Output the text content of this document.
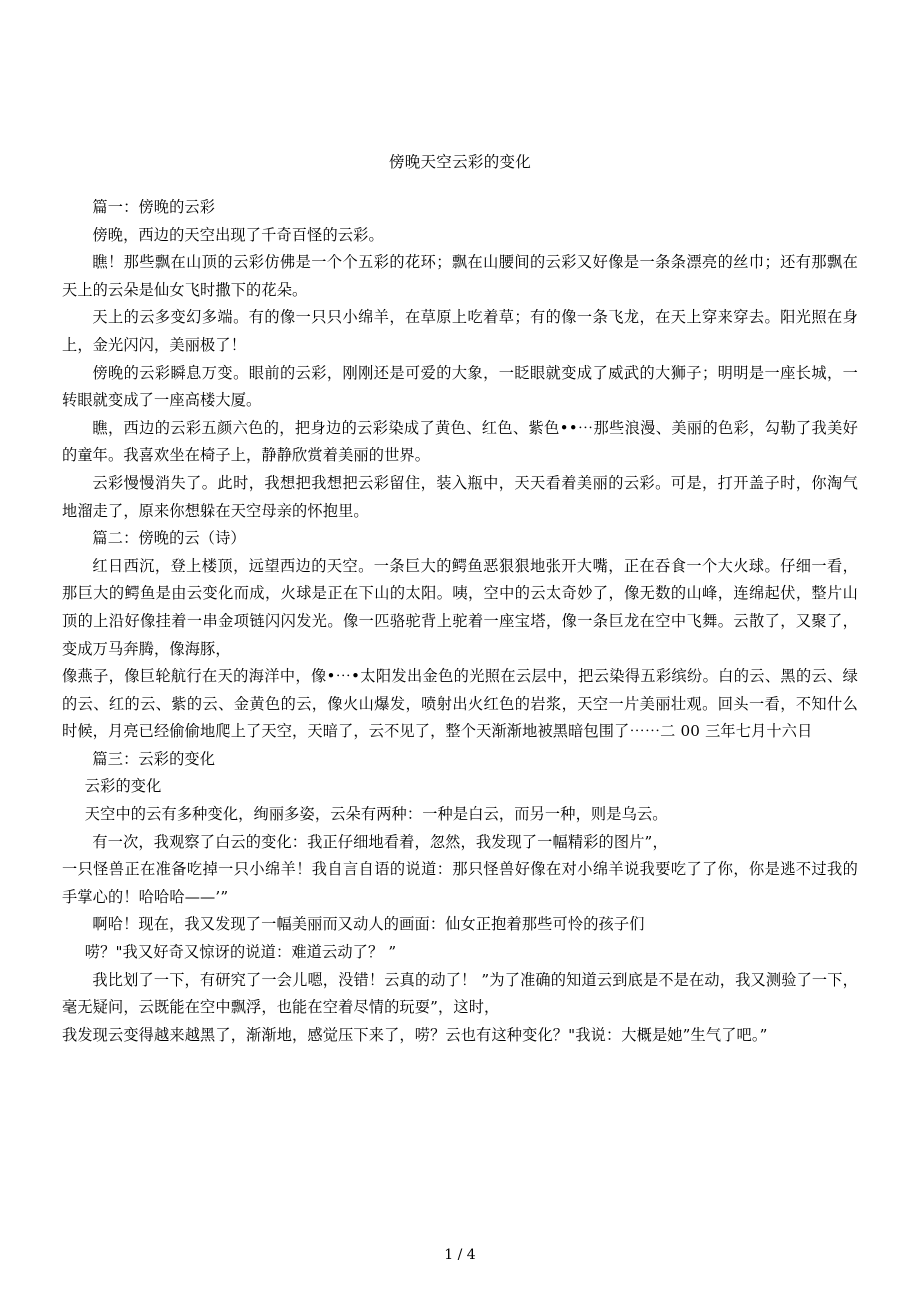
傍晚天空云彩的变化

篇一：傍晚的云彩

傍晚，西边的天空出现了千奇百怪的云彩。

瞧！那些飘在山顶的云彩仿佛是一个个五彩的花环；飘在山腰间的云彩又好像是一条条漂亮的丝巾；还有那飘在天上的云朵是仙女飞时撒下的花朵。

天上的云多变幻多端。有的像一只只小绵羊，在草原上吃着草；有的像一条飞龙，在天上穿来穿去。阳光照在身上，金光闪闪，美丽极了！

傍晚的云彩瞬息万变。眼前的云彩，刚刚还是可爱的大象，一眨眼就变成了威武的大狮子；明明是一座长城，一转眼就变成了一座高楼大厦。

瞧，西边的云彩五颜六色的，把身边的云彩染成了黄色、红色、紫色••⋯那些浪漫、美丽的色彩，勾勒了我美好的童年。我喜欢坐在椅子上，静静欣赏着美丽的世界。

云彩慢慢消失了。此时，我想把我想把云彩留住，装入瓶中，天天看着美丽的云彩。可是，打开盖子时，你淘气地溜走了，原来你想躲在天空母亲的怀抱里。

篇二：傍晚的云（诗）

红日西沉，登上楼顶，远望西边的天空。一条巨大的鳄鱼恶狠狠地张开大嘴，正在吞食一个大火球。仔细一看，那巨大的鳄鱼是由云变化而成，火球是正在下山的太阳。咦，空中的云太奇妙了，像无数的山峰，连绵起伏，整片山顶的上沿好像挂着一串金项链闪闪发光。像一匹骆驼背上驼着一座宝塔，像一条巨龙在空中飞舞。云散了，又聚了，变成万马奔腾，像海豚，

像燕子，像巨轮航行在天的海洋中，像•⋯•太阳发出金色的光照在云层中，把云染得五彩缤纷。白的云、黑的云、绿的云、红的云、紫的云、金黄色的云，像火山爆发，喷射出火红色的岩浆，天空一片美丽壮观。回头一看，不知什么时候，月亮已经偷偷地爬上了天空，天暗了，云不见了，整个天渐渐地被黑暗包围了⋯⋯二 00 三年七月十六日

篇三：云彩的变化

云彩的变化

天空中的云有多种变化，绚丽多姿，云朵有两种：一种是白云，而另一种，则是乌云。

有一次，我观察了白云的变化：我正仔细地看着，忽然，我发现了一幅精彩的图片”，

一只怪兽正在准备吃掉一只小绵羊！我自言自语的说道：那只怪兽好像在对小绵羊说我要吃了了你，你是逃不过我的手掌心的！哈哈哈——’”

啊哈！现在，我又发现了一幅美丽而又动人的画面：仙女正抱着那些可怜的孩子们

唠？"我又好奇又惊讶的说道：难道云动了？ ”

我比划了一下，有研究了一会儿嗯，没错！云真的动了！ ”为了准确的知道云到底是不是在动，我又测验了一下，毫无疑问，云既能在空中飘浮，也能在空着尽情的玩耍”，这时，

我发现云变得越来越黑了，渐渐地，感觉压下来了，唠？云也有这种变化？"我说：大概是她”生气了吧。”

1 / 4
